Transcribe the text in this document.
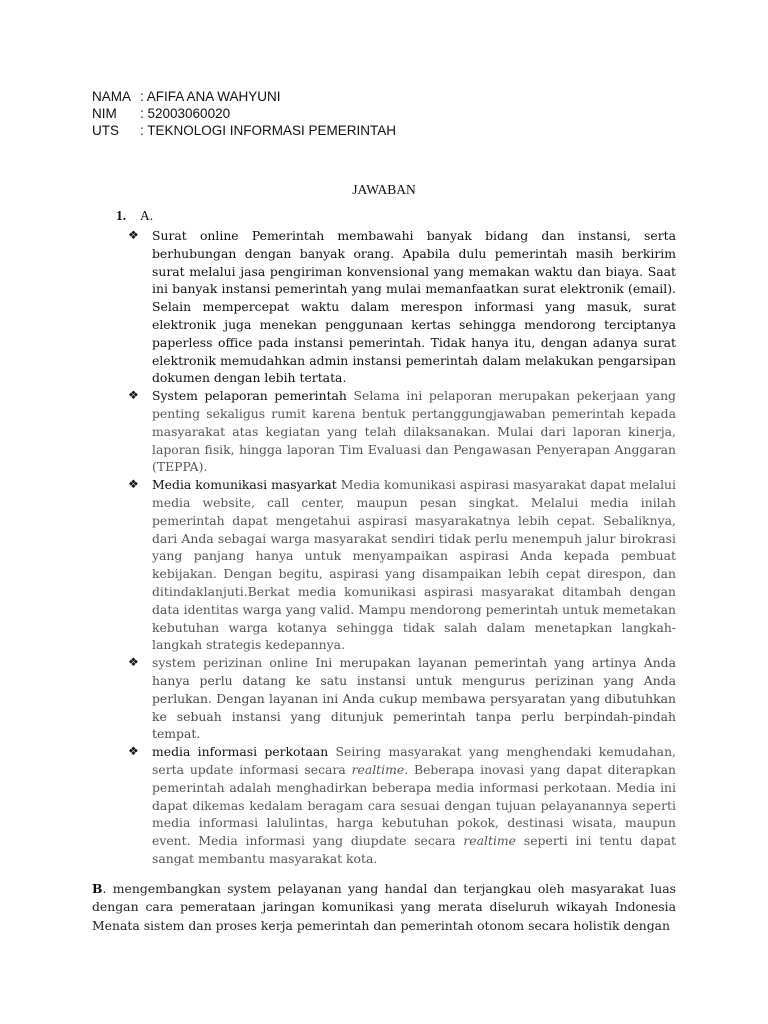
NAMA	: AFIFA ANA WAHYUNI
NIM	: 52003060020
UTS	: TEKNOLOGI INFORMASI PEMERINTAH
JAWABAN
1. A.
❖ Surat online Pemerintah membawahi banyak bidang dan instansi, serta berhubungan dengan banyak orang. Apabila dulu pemerintah masih berkirim surat melalui jasa pengiriman konvensional yang memakan waktu dan biaya. Saat ini banyak instansi pemerintah yang mulai memanfaatkan surat elektronik (email). Selain mempercepat waktu dalam merespon informasi yang masuk, surat elektronik juga menekan penggunaan kertas sehingga mendorong terciptanya paperless office pada instansi pemerintah. Tidak hanya itu, dengan adanya surat elektronik memudahkan admin instansi pemerintah dalam melakukan pengarsipan dokumen dengan lebih tertata.
❖ System pelaporan pemerintah Selama ini pelaporan merupakan pekerjaan yang penting sekaligus rumit karena bentuk pertanggungjawaban pemerintah kepada masyarakat atas kegiatan yang telah dilaksanakan. Mulai dari laporan kinerja, laporan fisik, hingga laporan Tim Evaluasi dan Pengawasan Penyerapan Anggaran (TEPPA).
❖ Media komunikasi masyarkat Media komunikasi aspirasi masyarakat dapat melalui media website, call center, maupun pesan singkat. Melalui media inilah pemerintah dapat mengetahui aspirasi masyarakatnya lebih cepat. Sebaliknya, dari Anda sebagai warga masyarakat sendiri tidak perlu menempuh jalur birokrasi yang panjang hanya untuk menyampaikan aspirasi Anda kepada pembuat kebijakan. Dengan begitu, aspirasi yang disampaikan lebih cepat direspon, dan ditindaklanjuti.Berkat media komunikasi aspirasi masyarakat ditambah dengan data identitas warga yang valid. Mampu mendorong pemerintah untuk memetakan kebutuhan warga kotanya sehingga tidak salah dalam menetapkan langkah-langkah strategis kedepannya.
❖ system perizinan online Ini merupakan layanan pemerintah yang artinya Anda hanya perlu datang ke satu instansi untuk mengurus perizinan yang Anda perlukan. Dengan layanan ini Anda cukup membawa persyaratan yang dibutuhkan ke sebuah instansi yang ditunjuk pemerintah tanpa perlu berpindah-pindah tempat.
❖ media informasi perkotaan Seiring masyarakat yang menghendaki kemudahan, serta update informasi secara realtime. Beberapa inovasi yang dapat diterapkan pemerintah adalah menghadirkan beberapa media informasi perkotaan. Media ini dapat dikemas kedalam beragam cara sesuai dengan tujuan pelayanannya seperti media informasi lalulintas, harga kebutuhan pokok, destinasi wisata, maupun event. Media informasi yang diupdate secara realtime seperti ini tentu dapat sangat membantu masyarakat kota.
B. mengembangkan system pelayanan yang handal dan terjangkau oleh masyarakat luas dengan cara pemerataan jaringan komunikasi yang merata diseluruh wikayah Indonesia Menata sistem dan proses kerja pemerintah dan pemerintah otonom secara holistik dengan
